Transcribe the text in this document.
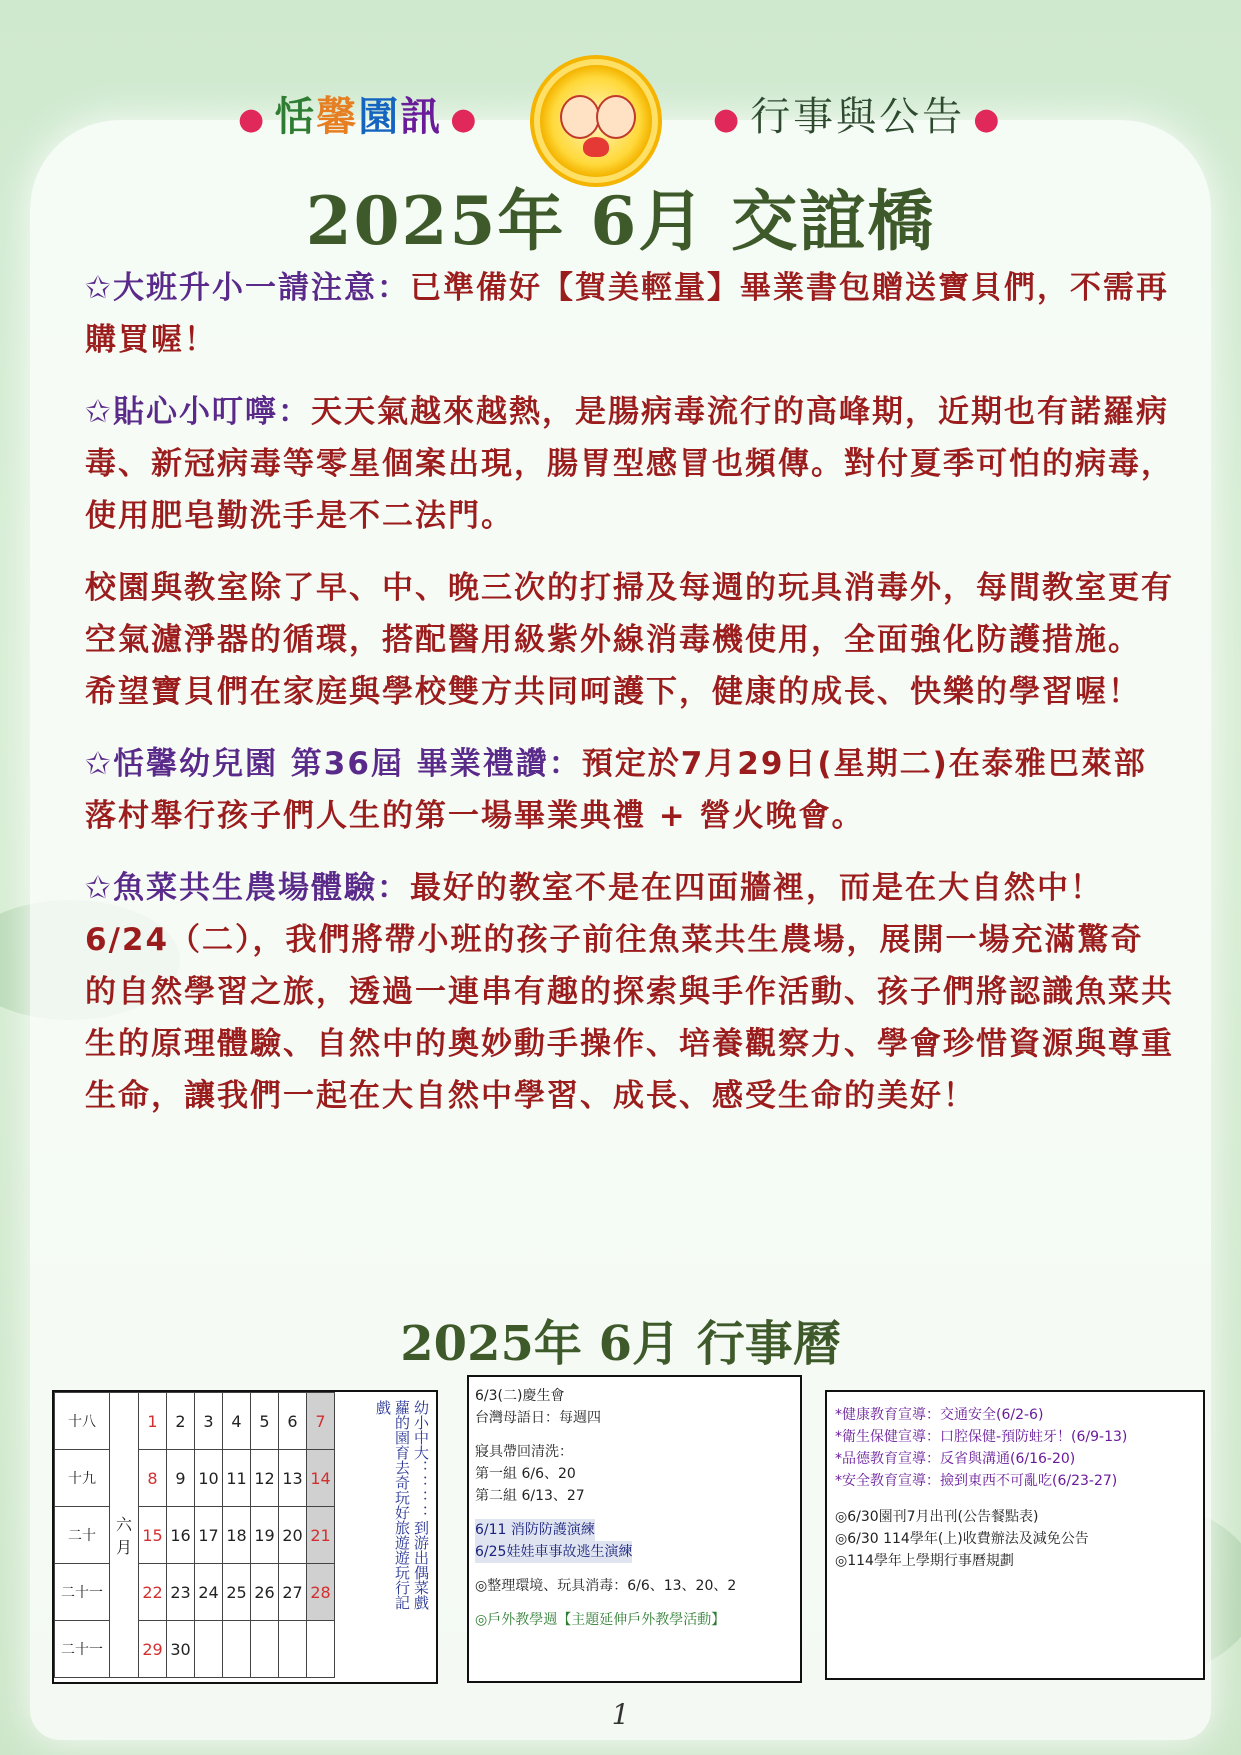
● 恬馨園訊 ●	● 行事與公告 ●
2025年 6月 交誼橋

✩大班升小一請注意：已準備好【賀美輕量】畢業書包贈送寶貝們，不需再購買喔！

✩貼心小叮嚀：天天氣越來越熱，是腸病毒流行的高峰期，近期也有諾羅病毒、新冠病毒等零星個案出現，腸胃型感冒也頻傳。對付夏季可怕的病毒，使用肥皂勤洗手是不二法門。

校園與教室除了早、中、晚三次的打掃及每週的玩具消毒外，每間教室更有空氣濾淨器的循環，搭配醫用級紫外線消毒機使用，全面強化防護措施。

希望寶貝們在家庭與學校雙方共同呵護下，健康的成長、快樂的學習喔！

✩恬馨幼兒園 第36屆 畢業禮讚：預定於7月29日(星期二)在泰雅巴萊部落村舉行孩子們人生的第一場畢業典禮 + 營火晚會。

✩魚菜共生農場體驗：最好的教室不是在四面牆裡，而是在大自然中！6/24（二），我們將帶小班的孩子前往魚菜共生農場，展開一場充滿驚奇的自然學習之旅，透過一連串有趣的探索與手作活動、孩子們將認識魚菜共生的原理體驗、自然中的奧妙動手操作、培養觀察力、學會珍惜資源與尊重生命，讓我們一起在大自然中學習、成長、感受生命的美好！

2025年 6月 行事曆
十八	六月	1	2	3	4	5	6	7
十九		8	9	10	11	12	13	14
二十		15	16	17	18	19	20	21
二十一		22	23	24	25	26	27	28
二十一		29	30					
幼小中大：：：：到游出偶菜戲蘿的園育去奇玩好旅遊遊玩行記戲
6/3(二)慶生會
台灣母語日：每週四
寢具帶回清洗：
第一組 6/6、20
第二組 6/13、27
6/11 消防防護演練
6/25娃娃車事故逃生演練
◎整理環境、玩具消毒：6/6、13、20、2
◎戶外教學週【主題延伸戶外教學活動】
*健康教育宣導：交通安全(6/2-6)
*衛生保健宣導：口腔保健-預防蛀牙！(6/9-13)
*品德教育宣導：反省與溝通(6/16-20)
*安全教育宣導：撿到東西不可亂吃(6/23-27)
◎6/30園刊7月出刊(公告餐點表)
◎6/30 114學年(上)收費辦法及減免公告
◎114學年上學期行事曆規劃
1
